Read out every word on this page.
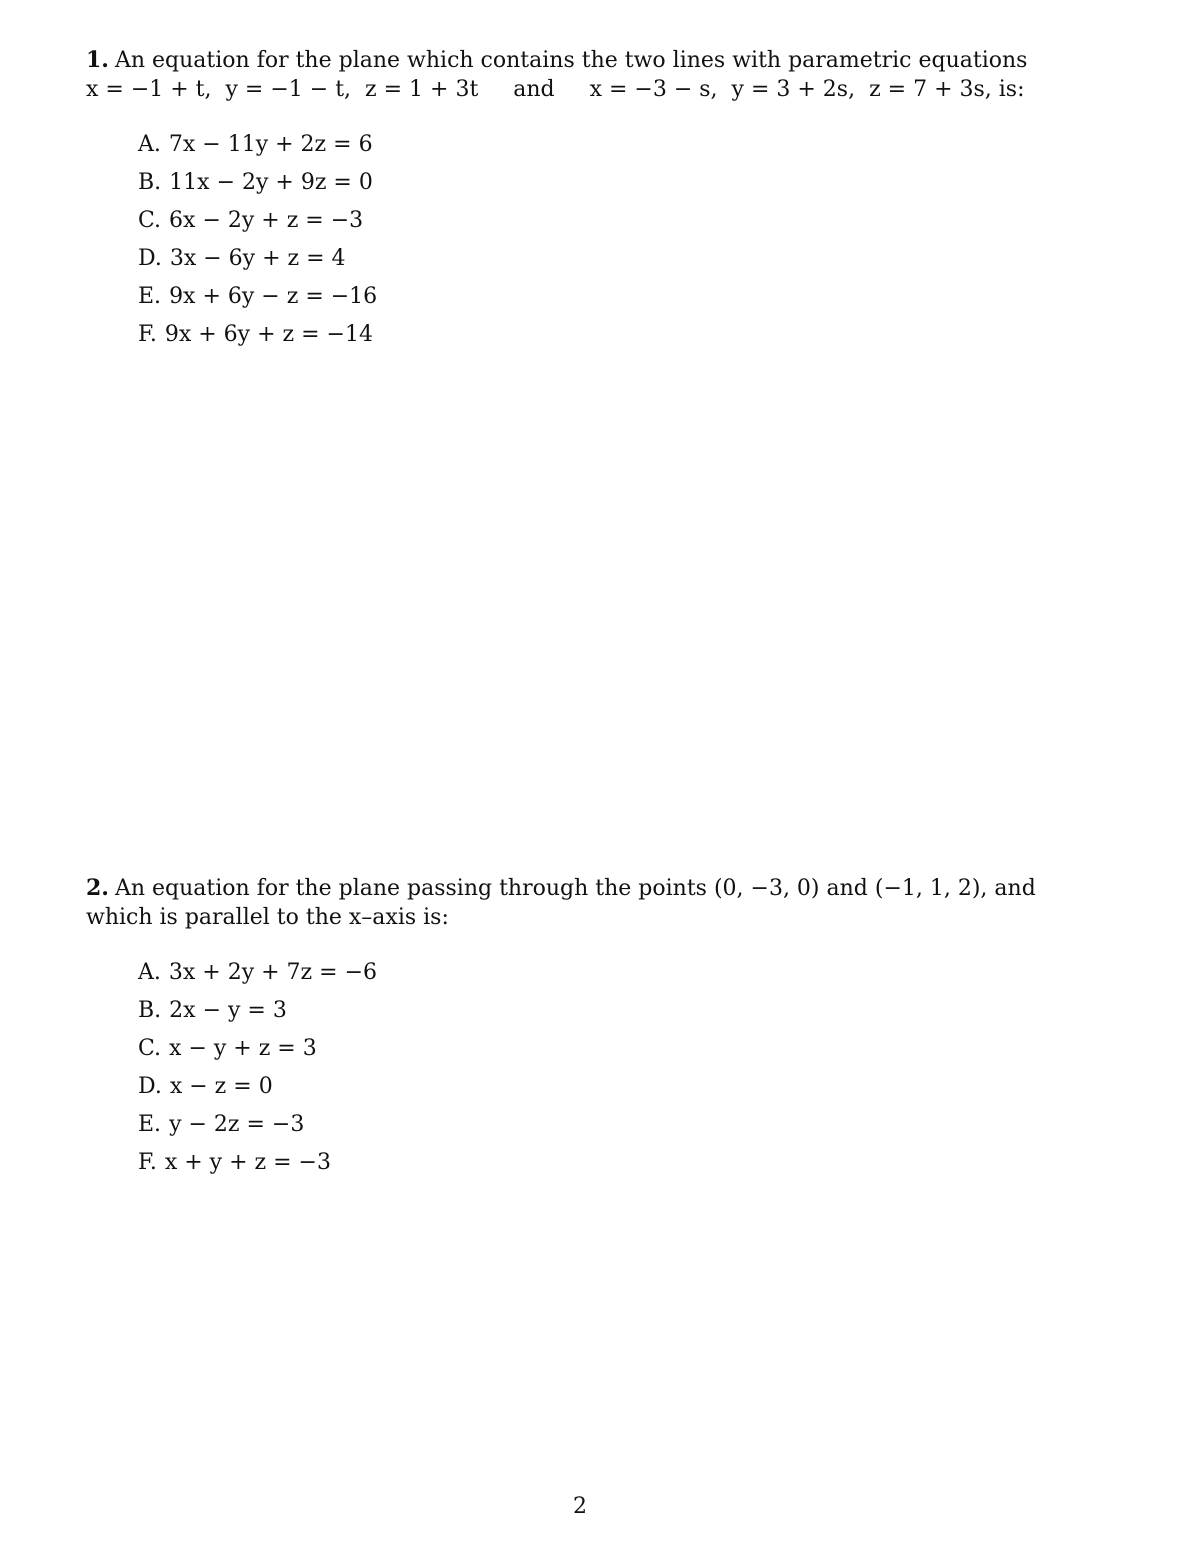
1. An equation for the plane which contains the two lines with parametric equations
x = −1 + t,  y = −1 − t,  z = 1 + 3t     and     x = −3 − s,  y = 3 + 2s,  z = 7 + 3s, is:
A. 7x − 11y + 2z = 6
B. 11x − 2y + 9z = 0
C. 6x − 2y + z = −3
D. 3x − 6y + z = 4
E. 9x + 6y − z = −16
F. 9x + 6y + z = −14
2. An equation for the plane passing through the points (0, −3, 0) and (−1, 1, 2), and
which is parallel to the x–axis is:
A. 3x + 2y + 7z = −6
B. 2x − y = 3
C. x − y + z = 3
D. x − z = 0
E. y − 2z = −3
F. x + y + z = −3
2
